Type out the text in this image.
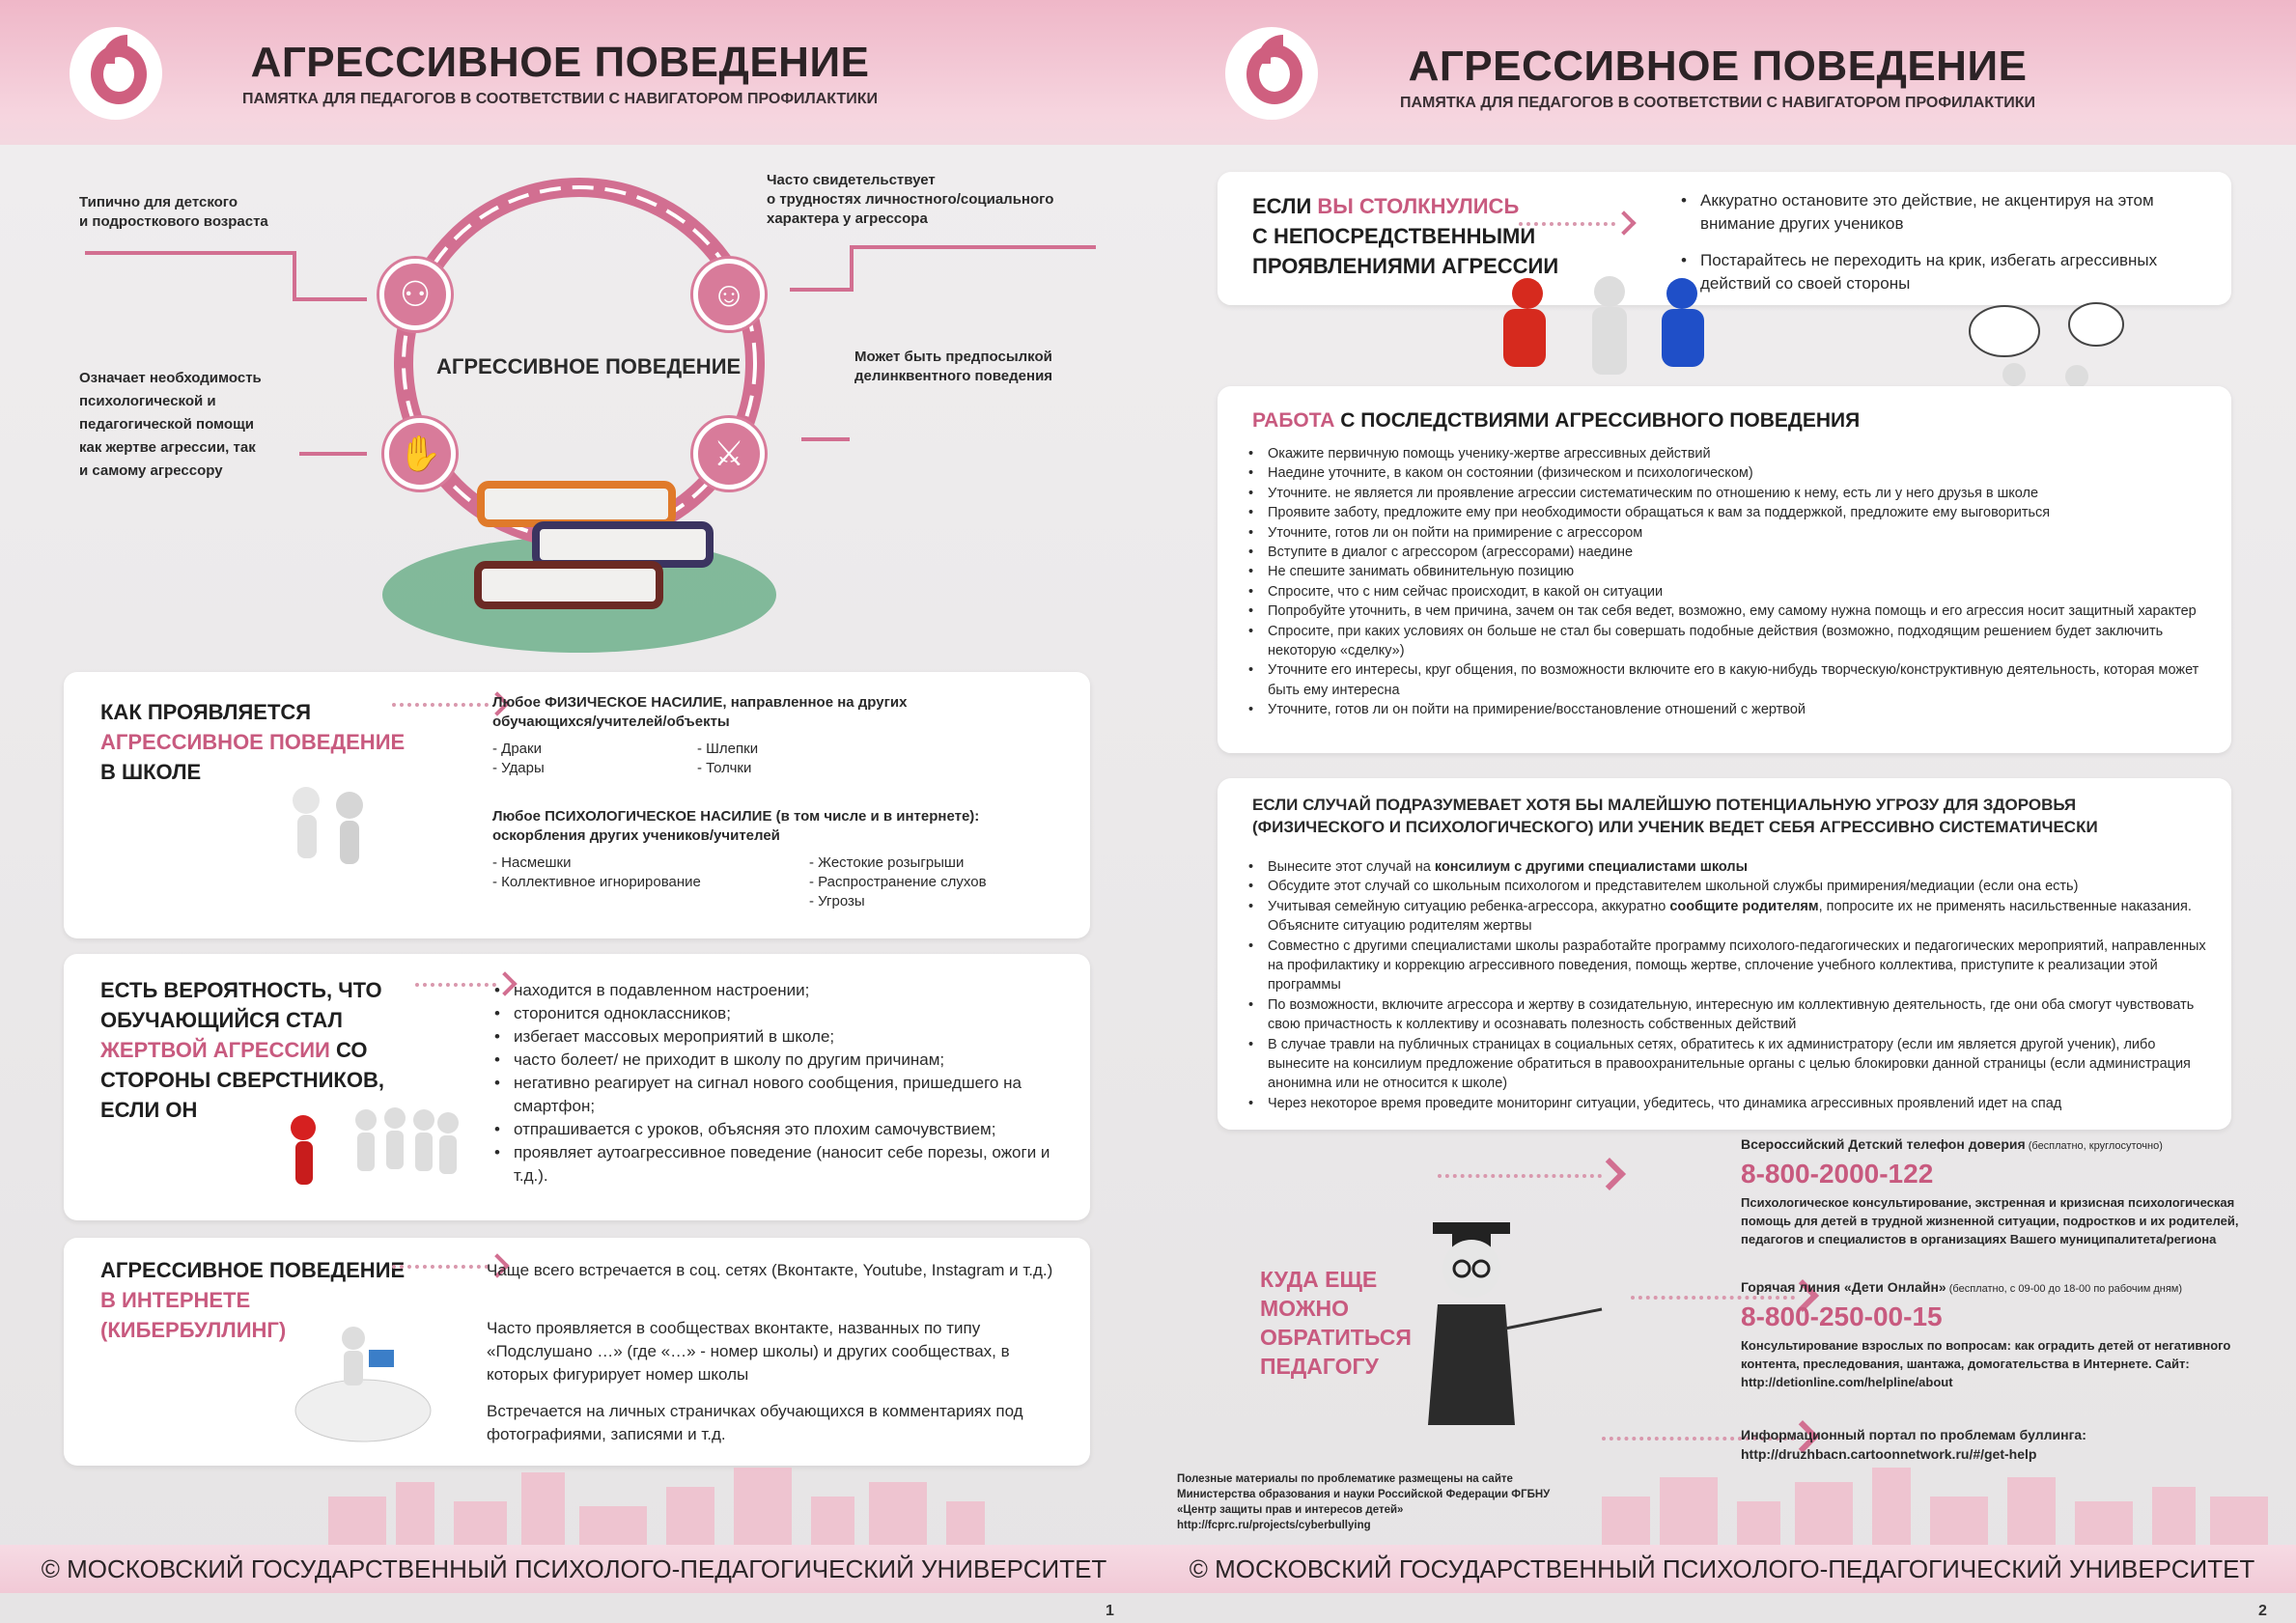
АГРЕССИВНОЕ ПОВЕДЕНИЕ
ПАМЯТКА ДЛЯ ПЕДАГОГОВ В СООТВЕТСТВИИ С НАВИГАТОРОМ ПРОФИЛАКТИКИ
⚇	☺
✋	⚔
АГРЕССИВНОЕ ПОВЕДЕНИЕ
Типично для детского
и подросткового возраста
Часто свидетельствует
о трудностях личностного/социального
характера у агрессора
Означает необходимость
психологической и
педагогической помощи
как жертве агрессии, так
и самому агрессору
Может быть предпосылкой
делинквентного поведения
КАК ПРОЯВЛЯЕТСЯ
АГРЕССИВНОЕ ПОВЕДЕНИЕ
В ШКОЛЕ
Любое ФИЗИЧЕСКОЕ НАСИЛИЕ, направленное на других обучающихся/учителей/объекты
- Драки
- Удары
- Шлепки
- Толчки
Любое ПСИХОЛОГИЧЕСКОЕ НАСИЛИЕ (в том числе и в интернете): оскорбления других учеников/учителей
- Насмешки
- Коллективное игнорирование
- Жестокие розыгрыши
- Распространение слухов
- Угрозы
ЕСТЬ ВЕРОЯТНОСТЬ, ЧТО
ОБУЧАЮЩИЙСЯ СТАЛ
ЖЕРТВОЙ АГРЕССИИ СО
СТОРОНЫ СВЕРСТНИКОВ,
ЕСЛИ ОН
• находится в подавленном настроении;
• сторонится одноклассников;
• избегает массовых мероприятий в школе;
• часто болеет/ не приходит в школу по другим причинам;
• негативно реагирует на сигнал нового сообщения, пришедшего на смартфон;
• отпрашивается с уроков, объясняя это плохим самочувствием;
• проявляет аутоагрессивное поведение (наносит себе порезы, ожоги и т.д.).
АГРЕССИВНОЕ ПОВЕДЕНИЕ
В ИНТЕРНЕТЕ
(КИБЕРБУЛЛИНГ)
Чаще всего встречается в соц. сетях (Вконтакте, Youtube, Instagram и т.д.)
Часто проявляется в сообществах вконтакте, названных по типу «Подслушано …» (где «…» - номер школы) и других сообществах, в которых фигурирует номер школы
Встречается на личных страничках обучающихся в комментариях под фотографиями, записями и т.д.
© МОСКОВСКИЙ ГОСУДАРСТВЕННЫЙ ПСИХОЛОГО-ПЕДАГОГИЧЕСКИЙ УНИВЕРСИТЕТ
1
АГРЕССИВНОЕ ПОВЕДЕНИЕ
ПАМЯТКА ДЛЯ ПЕДАГОГОВ В СООТВЕТСТВИИ С НАВИГАТОРОМ ПРОФИЛАКТИКИ
ЕСЛИ ВЫ СТОЛКНУЛИСЬ
С НЕПОСРЕДСТВЕННЫМИ
ПРОЯВЛЕНИЯМИ АГРЕССИИ
• Аккуратно остановите это действие, не акцентируя на этом внимание других учеников
• Постарайтесь не переходить на крик, избегать агрессивных действий со своей стороны
РАБОТА С ПОСЛЕДСТВИЯМИ АГРЕССИВНОГО ПОВЕДЕНИЯ
• Окажите первичную помощь ученику-жертве агрессивных действий
• Наедине уточните, в каком он состоянии (физическом и психологическом)
• Уточните. не является ли проявление агрессии систематическим по отношению к нему, есть ли у него друзья в школе
• Проявите заботу, предложите ему при необходимости обращаться к вам за поддержкой, предложите ему выговориться
• Уточните, готов ли он пойти на примирение с агрессором
• Вступите в диалог с агрессором (агрессорами) наедине
• Не спешите занимать обвинительную позицию
• Спросите, что с ним сейчас происходит, в какой он ситуации
• Попробуйте уточнить, в чем причина, зачем он так себя ведет, возможно, ему самому нужна помощь и его агрессия носит защитный характер
• Спросите, при каких условиях он больше не стал бы совершать подобные действия (возможно, подходящим решением будет заключить некоторую «сделку»)
• Уточните его интересы, круг общения, по возможности включите его в какую-нибудь творческую/конструктивную деятельность, которая может быть ему интересна
• Уточните, готов ли он пойти на примирение/восстановление отношений с жертвой
ЕСЛИ СЛУЧАЙ ПОДРАЗУМЕВАЕТ ХОТЯ БЫ МАЛЕЙШУЮ ПОТЕНЦИАЛЬНУЮ УГРОЗУ ДЛЯ ЗДОРОВЬЯ (ФИЗИЧЕСКОГО И ПСИХОЛОГИЧЕСКОГО) ИЛИ УЧЕНИК ВЕДЕТ СЕБЯ АГРЕССИВНО СИСТЕМАТИЧЕСКИ
• Вынесите этот случай на консилиум с другими специалистами школы
• Обсудите этот случай со школьным психологом и представителем школьной службы примирения/медиации (если она есть)
• Учитывая семейную ситуацию ребенка-агрессора, аккуратно сообщите родителям, попросите их не применять насильственные наказания. Объясните ситуацию родителям жертвы
• Совместно с другими специалистами школы разработайте программу психолого-педагогических и педагогических мероприятий, направленных на профилактику и коррекцию агрессивного поведения, помощь жертве, сплочение учебного коллектива, приступите к реализации этой программы
• По возможности, включите агрессора и жертву в созидательную, интересную им коллективную деятельность, где они оба смогут чувствовать свою причастность к коллективу и осознавать полезность собственных действий
• В случае травли на публичных страницах в социальных сетях, обратитесь к их администратору (если им является другой ученик), либо вынесите на консилиум предложение обратиться в правоохранительные органы с целью блокировки данной страницы (если администрация анонимна или не относится к школе)
• Через некоторое время проведите мониторинг ситуации, убедитесь, что динамика агрессивных проявлений идет на спад
КУДА ЕЩЕ
МОЖНО
ОБРАТИТЬСЯ
ПЕДАГОГУ
Всероссийский Детский телефон доверия (бесплатно, круглосуточно)
8-800-2000-122
Психологическое консультирование, экстренная и кризисная психологическая помощь для детей в трудной жизненной ситуации, подростков и их родителей, педагогов и специалистов в организациях Вашего муниципалитета/региона
Горячая линия «Дети Онлайн» (бесплатно, с 09-00 до 18-00 по рабочим дням)
8-800-250-00-15
Консультирование взрослых по вопросам: как оградить детей от негативного контента, преследования, шантажа, домогательства в Интернете. Сайт: http://detionline.com/helpline/about
Информационный портал по проблемам буллинга:
http://druzhbacn.cartoonnetwork.ru/#/get-help
Полезные материалы по проблематике размещены на сайте Министерства образования и науки Российской Федерации ФГБНУ «Центр защиты прав и интересов детей» http://fcprc.ru/projects/cyberbullying
© МОСКОВСКИЙ ГОСУДАРСТВЕННЫЙ ПСИХОЛОГО-ПЕДАГОГИЧЕСКИЙ УНИВЕРСИТЕТ
2
